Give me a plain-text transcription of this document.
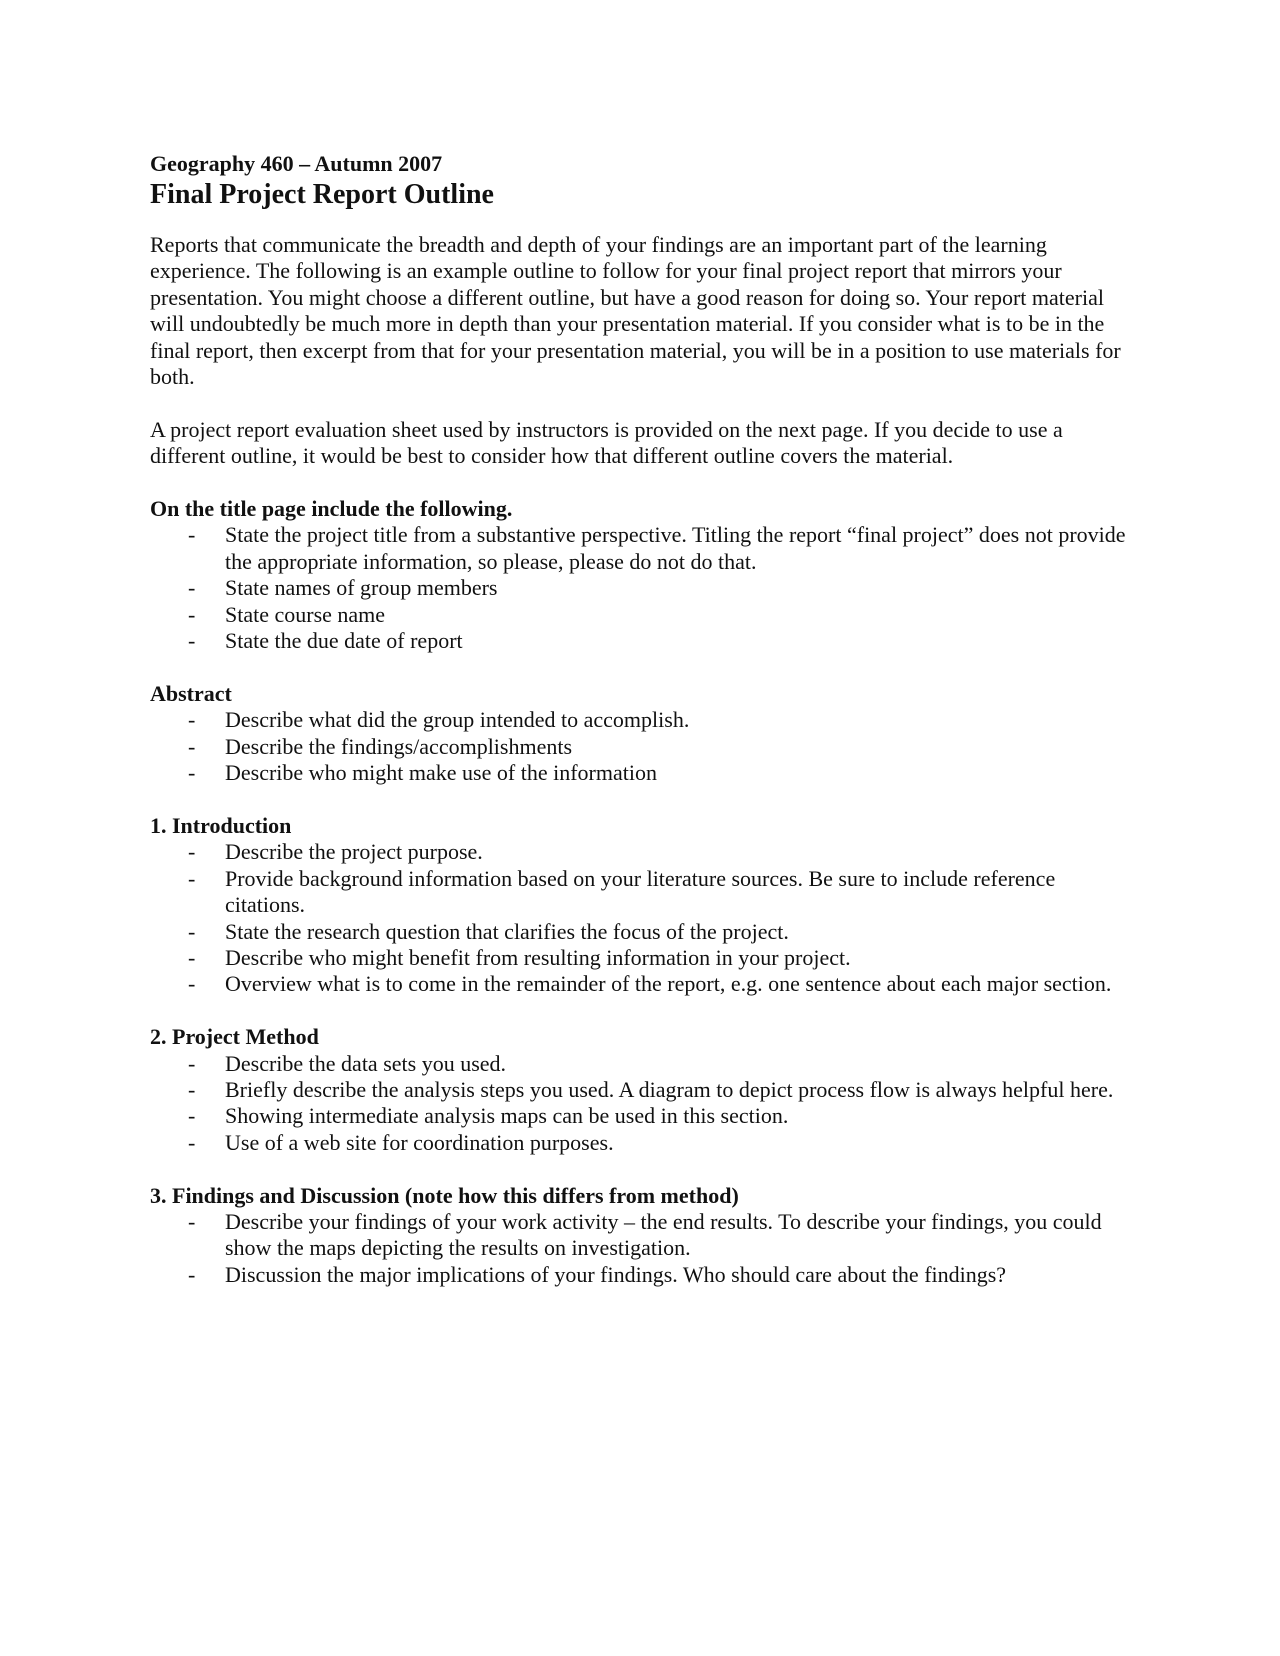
Geography 460 – Autumn 2007
Final Project Report Outline

Reports that communicate the breadth and depth of your findings are an important part of the learning experience. The following is an example outline to follow for your final project report that mirrors your presentation. You might choose a different outline, but have a good reason for doing so. Your report material will undoubtedly be much more in depth than your presentation material. If you consider what is to be in the final report, then excerpt from that for your presentation material, you will be in a position to use materials for both.

A project report evaluation sheet used by instructors is provided on the next page. If you decide to use a different outline, it would be best to consider how that different outline covers the material.

On the title page include the following.
-	State the project title from a substantive perspective. Titling the report “final project” does not provide the appropriate information, so please, please do not do that.
-	State names of group members
-	State course name
-	State the due date of report
Abstract
-	Describe what did the group intended to accomplish.
-	Describe the findings/accomplishments
-	Describe who might make use of the information
1. Introduction
-	Describe the project purpose.
-	Provide background information based on your literature sources. Be sure to include reference citations.
-	State the research question that clarifies the focus of the project.
-	Describe who might benefit from resulting information in your project.
-	Overview what is to come in the remainder of the report, e.g. one sentence about each major section.
2. Project Method
-	Describe the data sets you used.
-	Briefly describe the analysis steps you used. A diagram to depict process flow is always helpful here.
-	Showing intermediate analysis maps can be used in this section.
-	Use of a web site for coordination purposes.
3. Findings and Discussion (note how this differs from method)
-	Describe your findings of your work activity – the end results. To describe your findings, you could show the maps depicting the results on investigation.
-	Discussion the major implications of your findings. Who should care about the findings?
